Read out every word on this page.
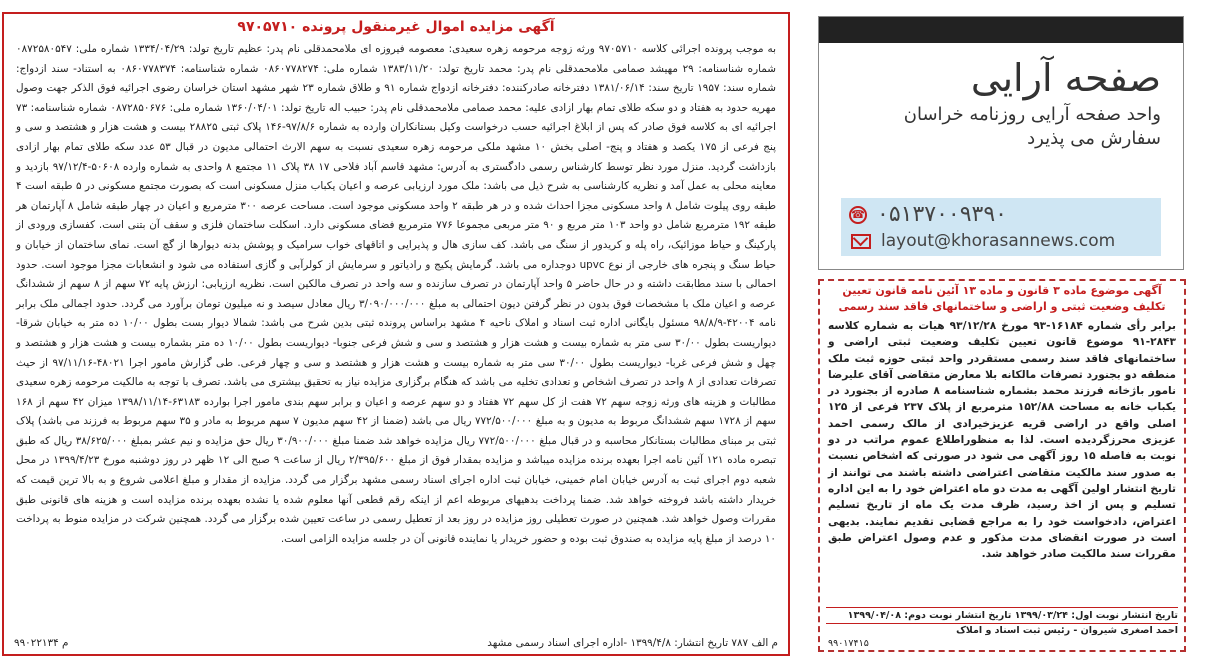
آگهی مزایده اموال غیرمنقول پرونده ۹۷۰۵۷۱۰
به موجب پرونده اجرائی کلاسه ۹۷۰۵۷۱۰ ورثه زوجه مرحومه زهره سعیدی: معصومه فیروزه ای ملامحمدقلی نام پدر: عظیم تاریخ تولد: ۱۳۳۴/۰۴/۲۹ شماره ملی: ۰۸۷۲۵۸۰۵۴۷ شماره شناسنامه: ۲۹ مهیشد صمامی ملامحمدقلی نام پدر: محمد تاریخ تولد: ۱۳۸۳/۱۱/۲۰ شماره ملی: ۰۸۶۰۷۷۸۲۷۴ شماره شناسنامه: ۰۸۶۰۷۷۸۳۷۴ به استناد- سند ازدواج: شماره سند: ۱۹۵۷ تاریخ سند: ۱۳۸۱/۰۶/۱۴ دفترخانه صادرکننده: دفترخانه ازدواج شماره ۹۱ و طلاق شماره ۲۳ شهر مشهد استان خراسان رضوی اجرائیه فوق الذکر جهت وصول مهریه حدود به هفتاد و دو سکه طلای تمام بهار ازادی علیه: محمد صمامی ملامحمدقلی نام پدر: حبیب اله تاریخ تولد: ۱۳۶۰/۰۴/۰۱ شماره ملی: ۰۸۷۲۸۵۰۶۷۶ شماره شناسنامه: ۷۳ اجرائیه ای به کلاسه فوق صادر که پس از ابلاغ اجرائیه حسب درخواست وکیل بستانکاران وارده به شماره ۹۷/۸/۶-۱۴۶ پلاک ثبتی ۲۸۸۲۵ بیست و هشت هزار و هشتصد و سی و پنج فرعی از ۱۷۵ یکصد و هفتاد و پنج- اصلی بخش ۱۰ مشهد ملکی مرحومه زهره سعیدی نسبت به سهم الارث احتمالی مدیون در قبال ۵۳ عدد سکه طلای تمام بهار ازادی بازداشت گردید. منزل مورد نظر توسط کارشناس رسمی دادگستری به آدرس: مشهد قاسم آباد فلاحی ۱۷ ۳۸ پلاک ۱۱ مجتمع ۸ واحدی به شماره وارده ۵۰۶۰۸-۹۷/۱۲/۴ بازدید و معاینه محلی به عمل آمد و نظریه کارشناسی به شرح ذیل می باشد: ملک مورد ارزیابی عرصه و اعیان یکباب منزل مسکونی است که بصورت مجتمع مسکونی در ۵ طبقه است ۴ طبقه روی پیلوت شامل ۸ واحد مسکونی مجزا احداث شده و در هر طبقه ۲ واحد مسکونی موجود است. مساحت عرصه ۳۰۰ مترمربع و اعیان در چهار طبقه شامل ۸ آپارتمان هر طبقه ۱۹۲ مترمربع شامل دو واحد ۱۰۳ متر مربع و ۹۰ متر مربعی مجموعا ۷۷۶ مترمربع فضای مسکونی دارد. اسکلت ساختمان فلزی و سقف آن بتنی است. کفسازی ورودی از پارکینگ و حیاط موزائیک، راه پله و کریدور از سنگ می باشد. کف سازی هال و پذیرایی و اتاقهای خواب سرامیک و پوشش بدنه دیوارها از گچ است. نمای ساختمان از خیابان و حیاط سنگ و پنجره های خارجی از نوع upvc دوجداره می باشد. گرمایش پکیج و رادیاتور و سرمایش از کولرآبی و گازی استفاده می شود و انشعابات مجزا موجود است. حدود احمالی با سند مطابقت داشته و در حال حاضر ۵ واحد آپارتمان در تصرف سازنده و سه واحد در تصرف مالکین است. نظریه ارزیابی: ارزش پایه ۷۲ سهم از ۸ سهم از ششدانگ عرصه و اعیان ملک با مشخصات فوق بدون در نظر گرفتن دیون احتمالی به مبلغ ۳/۰۹۰/۰۰۰/۰۰۰ ریال معادل سیصد و نه میلیون تومان برآورد می گردد. حدود اجمالی ملک برابر نامه ۴۲۰۰۴-۹۸/۸/۹ مسئول بایگانی اداره ثبت اسناد و املاک ناحیه ۴ مشهد براساس پرونده ثبتی بدین شرح می باشد: شمالا دیوار بست بطول ۱۰/۰۰ ده متر به خیابان شرقا- دیواریست بطول ۳۰/۰۰ سی متر به شماره بیست و هشت هزار و هشتصد و سی و شش فرعی جنوبا- دیواریست بطول ۱۰/۰۰ ده متر بشماره بیست و هشت هزار و هشتصد و چهل و شش فرعی غربا- دیواریست بطول ۳۰/۰۰ سی متر به شماره بیست و هشت هزار و هشتصد و سی و چهار فرعی. طی گزارش مامور اجرا ۴۸۰۲۱-۹۷/۱۱/۱۶ از حیث تصرفات تعدادی از ۸ واحد در تصرف اشخاص و تعدادی تخلیه می باشد که هنگام برگزاری مزایده نیاز به تحقیق بیشتری می باشد. تصرف با توجه به مالکیت مرحومه زهره سعیدی مطالبات و هزینه های ورثه زوجه سهم ۷۲ هفت از کل سهم ۷۲ هفتاد و دو سهم عرصه و اعیان و برابر سهم بندی مامور اجرا بوارده ۶۳۱۸۳-۱۳۹۸/۱۱/۱۴ میزان ۴۲ سهم از ۱۶۸ سهم از ۱۷۲۸ سهم ششدانگ مربوط به مدیون و به مبلغ ۷۷۲/۵۰۰/۰۰۰ ریال می باشد (ضمنا از ۴۲ سهم مدیون ۷ سهم مربوط به مادر و ۳۵ سهم مربوط به فرزند می باشد) پلاک ثبتی بر مبنای مطالبات بستانکار محاسبه و در قبال مبلغ ۷۷۲/۵۰۰/۰۰۰ ریال مزایده خواهد شد ضمنا مبلغ ۳۰/۹۰۰/۰۰۰ ریال حق مزایده و نیم عشر بمبلغ ۳۸/۶۲۵/۰۰۰ ریال که طبق تبصره ماده ۱۲۱ آئین نامه اجرا بعهده برنده مزایده میباشد و مزایده بمقدار فوق از مبلغ ۲/۳۹۵/۶۰۰ ریال از ساعت ۹ صبح الی ۱۲ ظهر در روز دوشنبه مورخ ۱۳۹۹/۴/۲۳ در محل شعبه دوم اجرای ثبت به آدرس خیابان امام خمینی، خیابان ثبت اداره اجرای اسناد رسمی مشهد برگزار می گردد. مزایده از مقدار و مبلغ اعلامی شروع و به بالا ترین قیمت که خریدار داشته باشد فروخته خواهد شد. ضمنا پرداخت بدهیهای مربوطه اعم از اینکه رقم قطعی آنها معلوم شده یا نشده بعهده برنده مزایده است و هزینه های قانونی طبق مقررات وصول خواهد شد. همچنین در صورت تعطیلی روز مزایده در روز بعد از تعطیل رسمی در ساعت تعیین شده برگزار می گردد. همچنین شرکت در مزایده منوط به پرداخت ۱۰ درصد از مبلغ پایه مزایده به صندوق ثبت بوده و حضور خریدار یا نماینده قانونی آن در جلسه مزایده الزامی است.
م الف ۷۸۷ تاریخ انتشار: ۱۳۹۹/۴/۸ -اداره اجرای اسناد رسمی مشهد
۹۹۰۲۲۱۳۴ م
صفحه آرایی
واحد صفحه آرایی روزنامه خراسان
سفارش می پذیرد
☎ ۰۵۱۳۷۰۰۹۳۹۰
layout@khorasannews.com
آگهی موضوع ماده ۳ قانون و ماده ۱۳ آئین نامه قانون تعیین تکلیف وضعیت ثبتی و اراضی و ساختمانهای فاقد سند رسمی
برابر رأی شماره ۱۶۱۸۴-۹۳ مورخ ۹۳/۱۲/۲۸ هیات به شماره کلاسه ۲۸۴۳-۹۱ موضوع قانون تعیین تکلیف وضعیت ثبتی اراضی و ساختمانهای فاقد سند رسمی مستقردر واحد ثبتی حوزه ثبت ملک منطقه دو بجنورد تصرفات مالکانه بلا معارض متقاضی آقای علیرضا نامور باژخانه فرزند محمد بشماره شناسنامه ۸ صادره از بجنورد در یکباب خانه به مساحت ۱۵۲/۸۸ مترمربع از پلاک ۲۳۷ فرعی از ۱۲۵ اصلی واقع در اراضی قریه عزیزخیرادی از مالک رسمی احمد عزیزی محرزگردیده است. لذا به منظوراطلاع عموم مراتب در دو نوبت به فاصله ۱۵ روز آگهی می شود در صورتی که اشخاص نسبت به صدور سند مالکیت متقاضی اعتراضی داشته باشند می توانند از تاریخ انتشار اولین آگهی به مدت دو ماه اعتراض خود را به این اداره تسلیم و پس از اخذ رسید، ظرف مدت یک ماه از تاریخ تسلیم اعتراض، دادخواست خود را به مراجع قضایی تقدیم نمایند. بدیهی است در صورت انقضای مدت مذکور و عدم وصول اعتراض طبق مقررات سند مالکیت صادر خواهد شد.
تاریخ انتشار نوبت اول: ۱۳۹۹/۰۳/۲۴ تاریخ انتشار نوبت دوم: ۱۳۹۹/۰۴/۰۸
احمد اصغری شیروان - رئیس ثبت اسناد و املاک
۹۹۰۱۷۴۱۵
